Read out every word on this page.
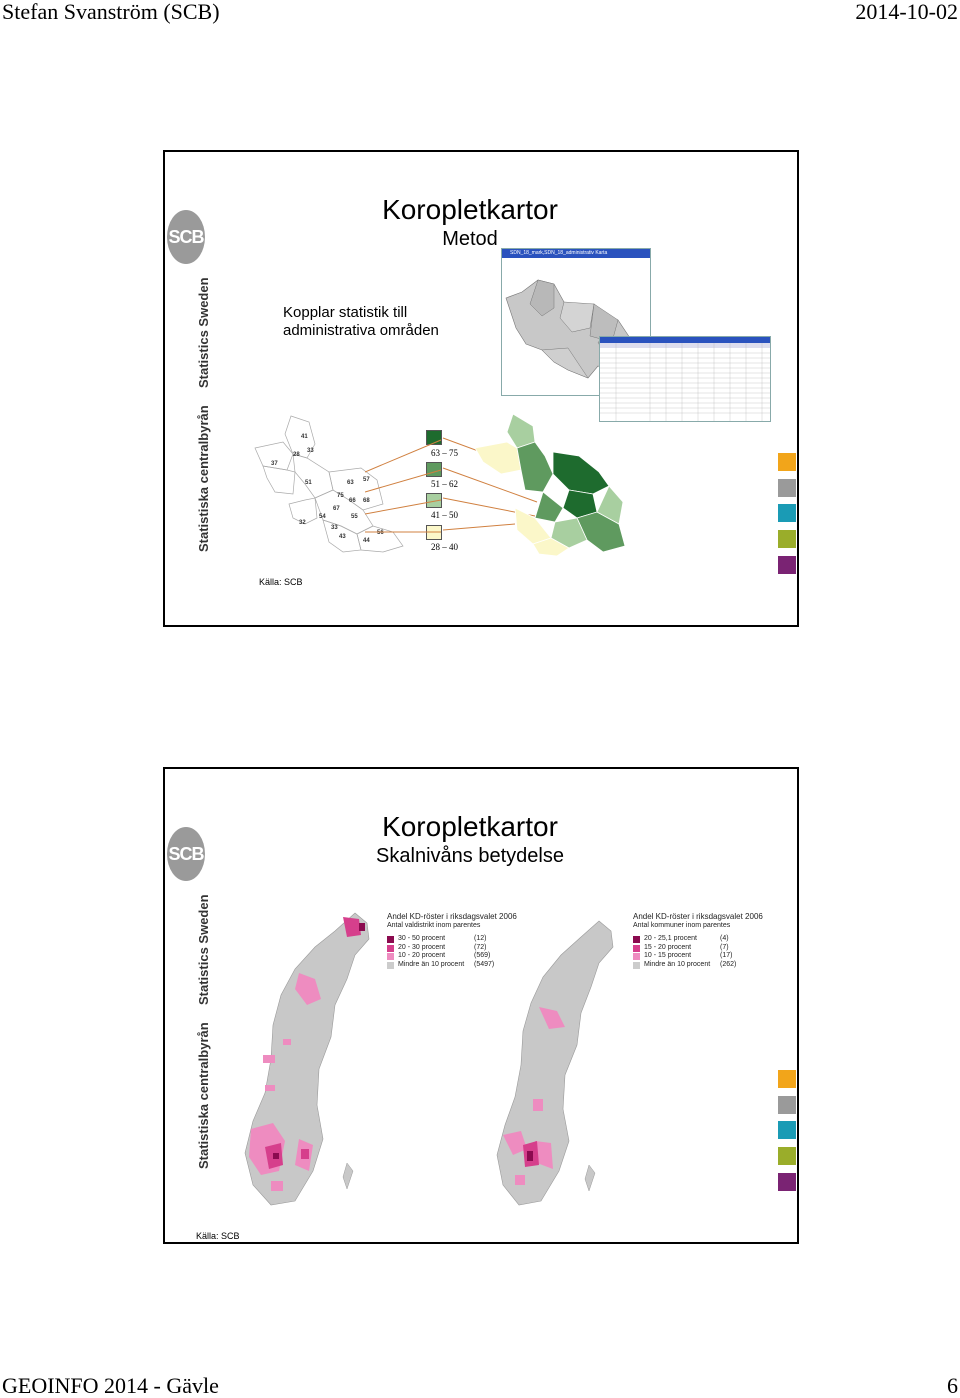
Stefan Svanström (SCB)	2014-10-02
GEOINFO 2014 - Gävle	6
SCB
Statistiska centralbyrån
Statistics Sweden
Koropletkartor
Metod
Kopplar statistik till
administrativa områden
SDN_18_mark,SDN_18_administrativ Karta
41
28
33
37
51
75
63 57
66 68
67
54	55
32
33
43
56
44
63 – 75
51 – 62
41 – 50
28 – 40
Källa: SCB
SCB
Statistiska centralbyrån
Statistics Sweden
Koropletkartor
Skalnivåns betydelse
Andel KD-röster i riksdagsvalet 2006
Antal valdistrikt inom parentes
30 - 50 procent	(12)
20 - 30 procent	(72)
10 - 20 procent	(569)
Mindre än 10 procent	(5497)
Andel KD-röster i riksdagsvalet 2006
Antal kommuner inom parentes
20 - 25,1 procent	(4)
15 - 20 procent	(7)
10 - 15 procent	(17)
Mindre än 10 procent	(262)
Källa: SCB
